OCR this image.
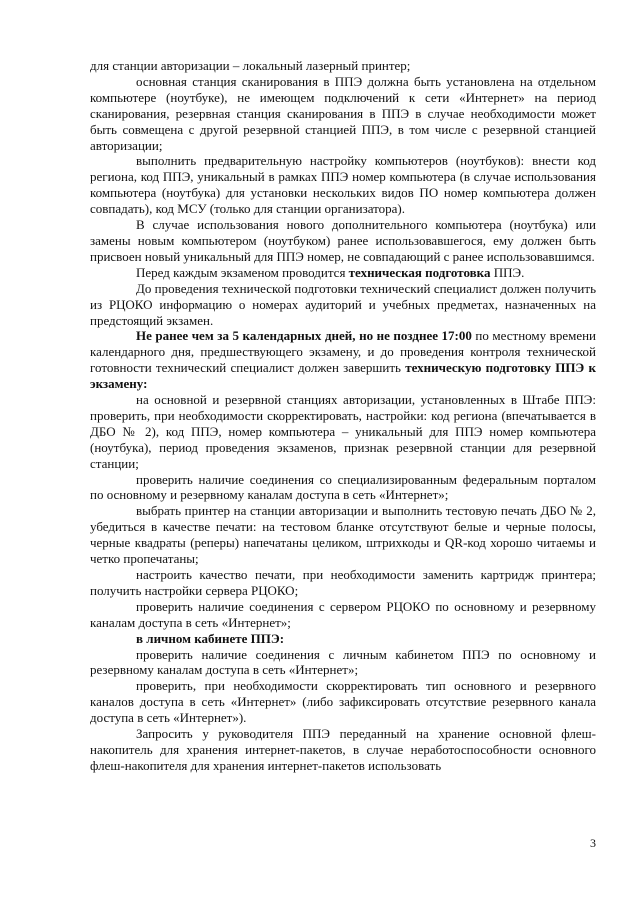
для станции авторизации – локальный лазерный принтер;

основная станция сканирования в ППЭ должна быть установлена на отдельном компьютере (ноутбуке), не имеющем подключений к сети «Интернет» на период сканирования, резервная станция сканирования в ППЭ в случае необходимости может быть совмещена с другой резервной станцией ППЭ, в том числе с резервной станцией авторизации;

выполнить предварительную настройку компьютеров (ноутбуков): внести код региона, код ППЭ, уникальный в рамках ППЭ номер компьютера (в случае использования компьютера (ноутбука) для установки нескольких видов ПО номер компьютера должен совпадать), код МСУ (только для станции организатора).

В случае использования нового дополнительного компьютера (ноутбука) или замены новым компьютером (ноутбуком) ранее использовавшегося, ему должен быть присвоен новый уникальный для ППЭ номер, не совпадающий с ранее использовавшимся.

Перед каждым экзаменом проводится техническая подготовка ППЭ.

До проведения технической подготовки технический специалист должен получить из РЦОКО информацию о номерах аудиторий и учебных предметах, назначенных на предстоящий экзамен.

Не ранее чем за 5 календарных дней, но не позднее 17:00 по местному времени календарного дня, предшествующего экзамену, и до проведения контроля технической готовности технический специалист должен завершить техническую подготовку ППЭ к экзамену:

на основной и резервной станциях авторизации, установленных в Штабе ППЭ: проверить, при необходимости скорректировать, настройки: код региона (впечатывается в ДБО № 2), код ППЭ, номер компьютера – уникальный для ППЭ номер компьютера (ноутбука), период проведения экзаменов, признак резервной станции для резервной станции;

проверить наличие соединения со специализированным федеральным порталом по основному и резервному каналам доступа в сеть «Интернет»;

выбрать принтер на станции авторизации и выполнить тестовую печать ДБО № 2, убедиться в качестве печати: на тестовом бланке отсутствуют белые и черные полосы, черные квадраты (реперы) напечатаны целиком, штрихкоды и QR-код хорошо читаемы и четко пропечатаны;

настроить качество печати, при необходимости заменить картридж принтера; получить настройки сервера РЦОКО;

проверить наличие соединения с сервером РЦОКО по основному и резервному каналам доступа в сеть «Интернет»;

в личном кабинете ППЭ:

проверить наличие соединения с личным кабинетом ППЭ по основному и резервному каналам доступа в сеть «Интернет»;

проверить, при необходимости скорректировать тип основного и резервного каналов доступа в сеть «Интернет» (либо зафиксировать отсутствие резервного канала доступа в сеть «Интернет»).

Запросить у руководителя ППЭ переданный на хранение основной флеш-накопитель для хранения интернет-пакетов, в случае неработоспособности основного флеш-накопителя для хранения интернет-пакетов использовать

3
